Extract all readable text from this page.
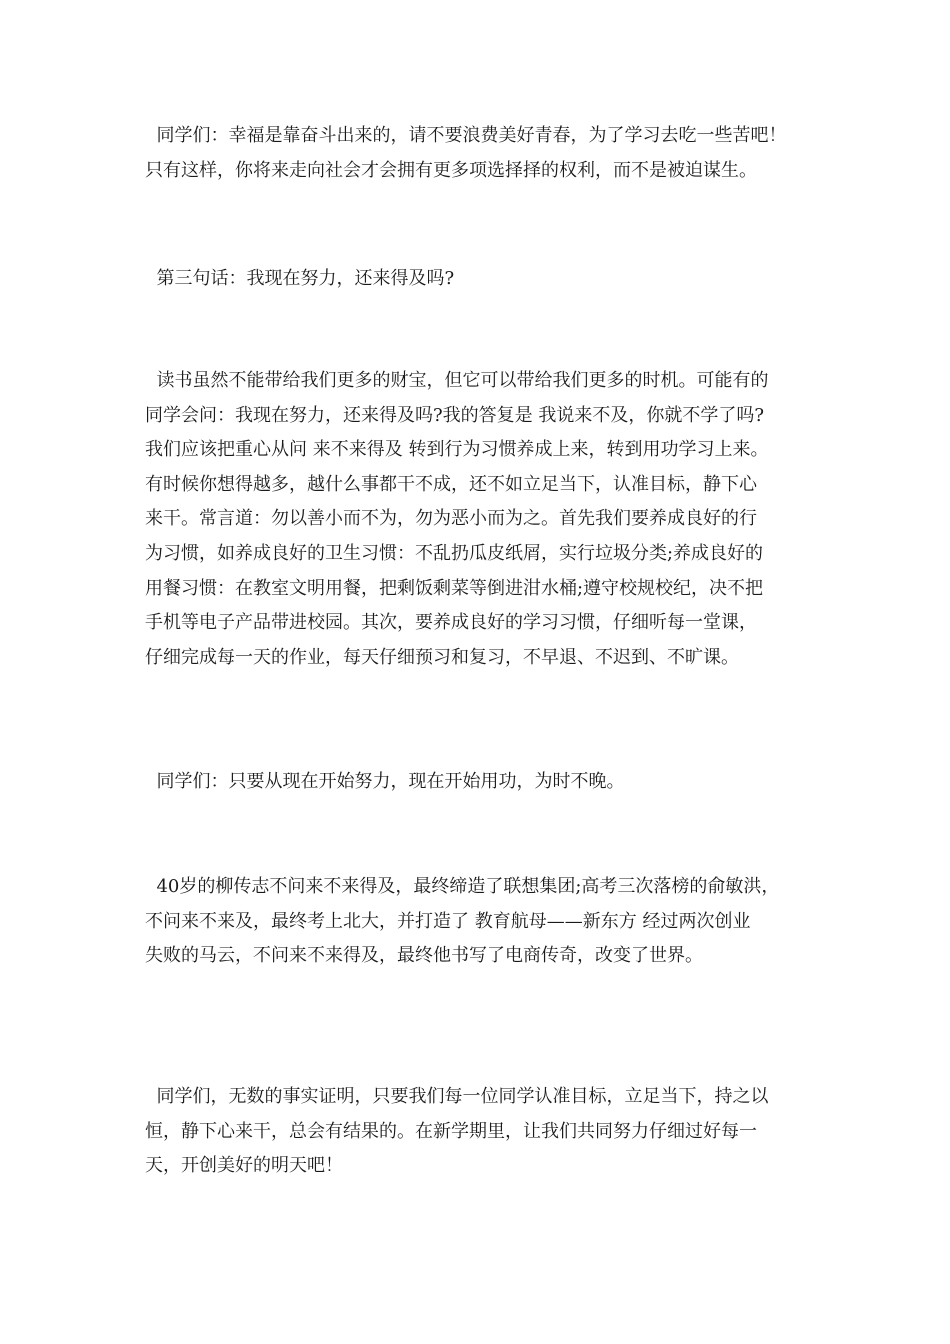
同学们：幸福是靠奋斗出来的，请不要浪费美好青春，为了学习去吃一些苦吧！
只有这样，你将来走向社会才会拥有更多项选择择的权利，而不是被迫谋生。

第三句话：我现在努力，还来得及吗?

读书虽然不能带给我们更多的财宝，但它可以带给我们更多的时机。可能有的
同学会问：我现在努力，还来得及吗?我的答复是 我说来不及，你就不学了吗?
我们应该把重心从问 来不来得及 转到行为习惯养成上来，转到用功学习上来。
有时候你想得越多，越什么事都干不成，还不如立足当下，认准目标，静下心
来干。常言道：勿以善小而不为，勿为恶小而为之。首先我们要养成良好的行
为习惯，如养成良好的卫生习惯：不乱扔瓜皮纸屑，实行垃圾分类;养成良好的
用餐习惯：在教室文明用餐，把剩饭剩菜等倒进泔水桶;遵守校规校纪，决不把
手机等电子产品带进校园。其次，要养成良好的学习习惯，仔细听每一堂课，
仔细完成每一天的作业，每天仔细预习和复习，不早退、不迟到、不旷课。

同学们：只要从现在开始努力，现在开始用功，为时不晚。

40岁的柳传志不问来不来得及，最终缔造了联想集团;高考三次落榜的俞敏洪，
不问来不来及，最终考上北大，并打造了 教育航母——新东方 经过两次创业
失败的马云，不问来不来得及，最终他书写了电商传奇，改变了世界。

同学们，无数的事实证明，只要我们每一位同学认准目标，立足当下，持之以
恒，静下心来干，总会有结果的。在新学期里，让我们共同努力仔细过好每一
天，开创美好的明天吧！
